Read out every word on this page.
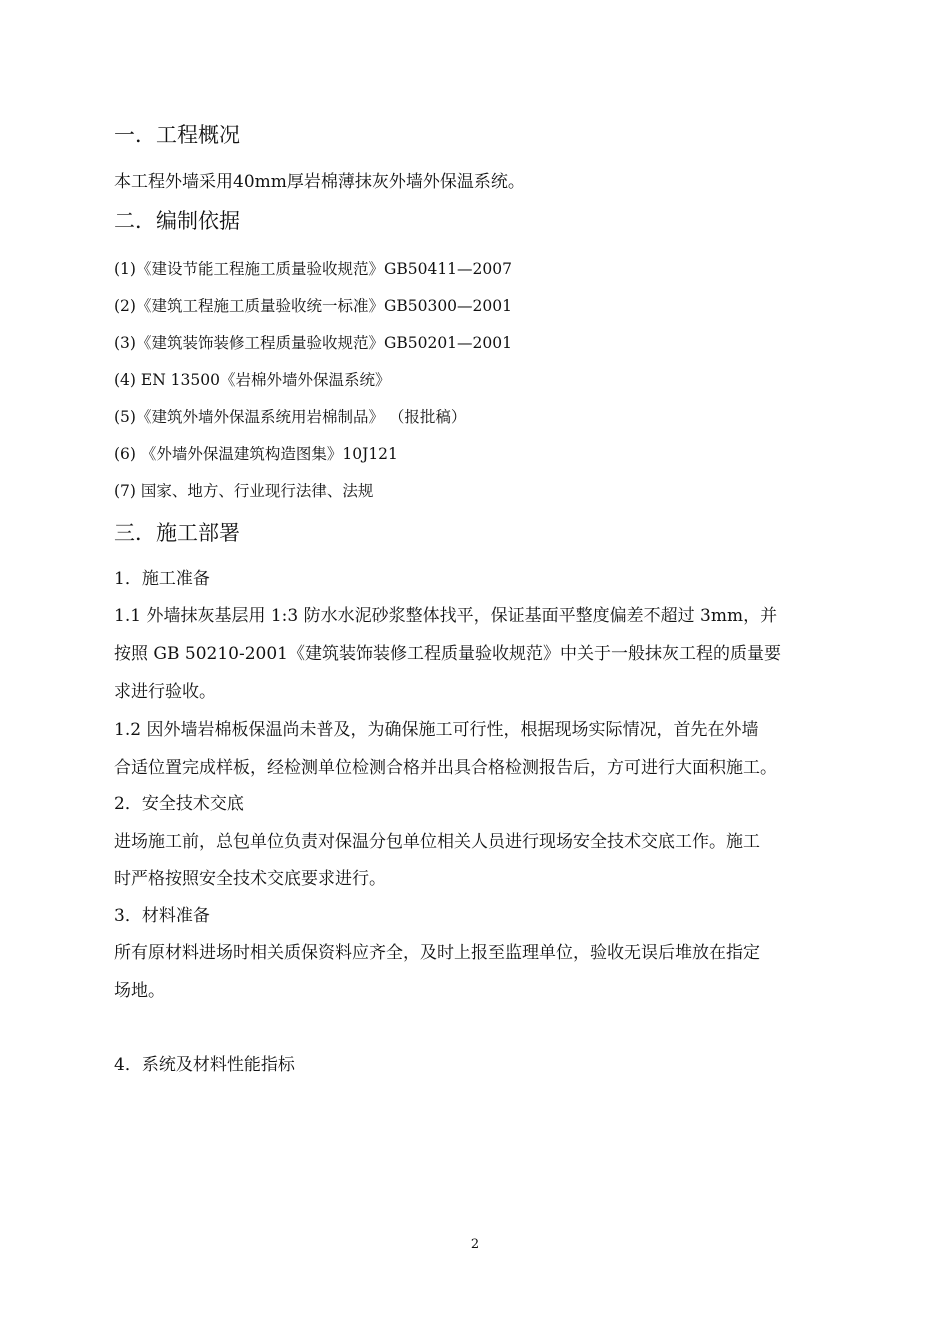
一．工程概况
本工程外墙采用40mm厚岩棉薄抹灰外墙外保温系统。
二．编制依据
(1)《建设节能工程施工质量验收规范》GB50411—2007
(2)《建筑工程施工质量验收统一标准》GB50300—2001
(3)《建筑装饰装修工程质量验收规范》GB50201—2001
(4) EN 13500《岩棉外墙外保温系统》
(5)《建筑外墙外保温系统用岩棉制品》 （报批稿）
(6) 《外墙外保温建筑构造图集》10J121
(7) 国家、地方、行业现行法律、法规
三．施工部署
1．施工准备
1.1 外墙抹灰基层用 1:3 防水水泥砂浆整体找平，保证基面平整度偏差不超过 3mm，并
按照 GB 50210-2001《建筑装饰装修工程质量验收规范》中关于一般抹灰工程的质量要
求进行验收。
1.2 因外墙岩棉板保温尚未普及，为确保施工可行性，根据现场实际情况，首先在外墙
合适位置完成样板，经检测单位检测合格并出具合格检测报告后，方可进行大面积施工。
2．安全技术交底
进场施工前，总包单位负责对保温分包单位相关人员进行现场安全技术交底工作。施工
时严格按照安全技术交底要求进行。
3．材料准备
所有原材料进场时相关质保资料应齐全，及时上报至监理单位，验收无误后堆放在指定
场地。
4．系统及材料性能指标
2
